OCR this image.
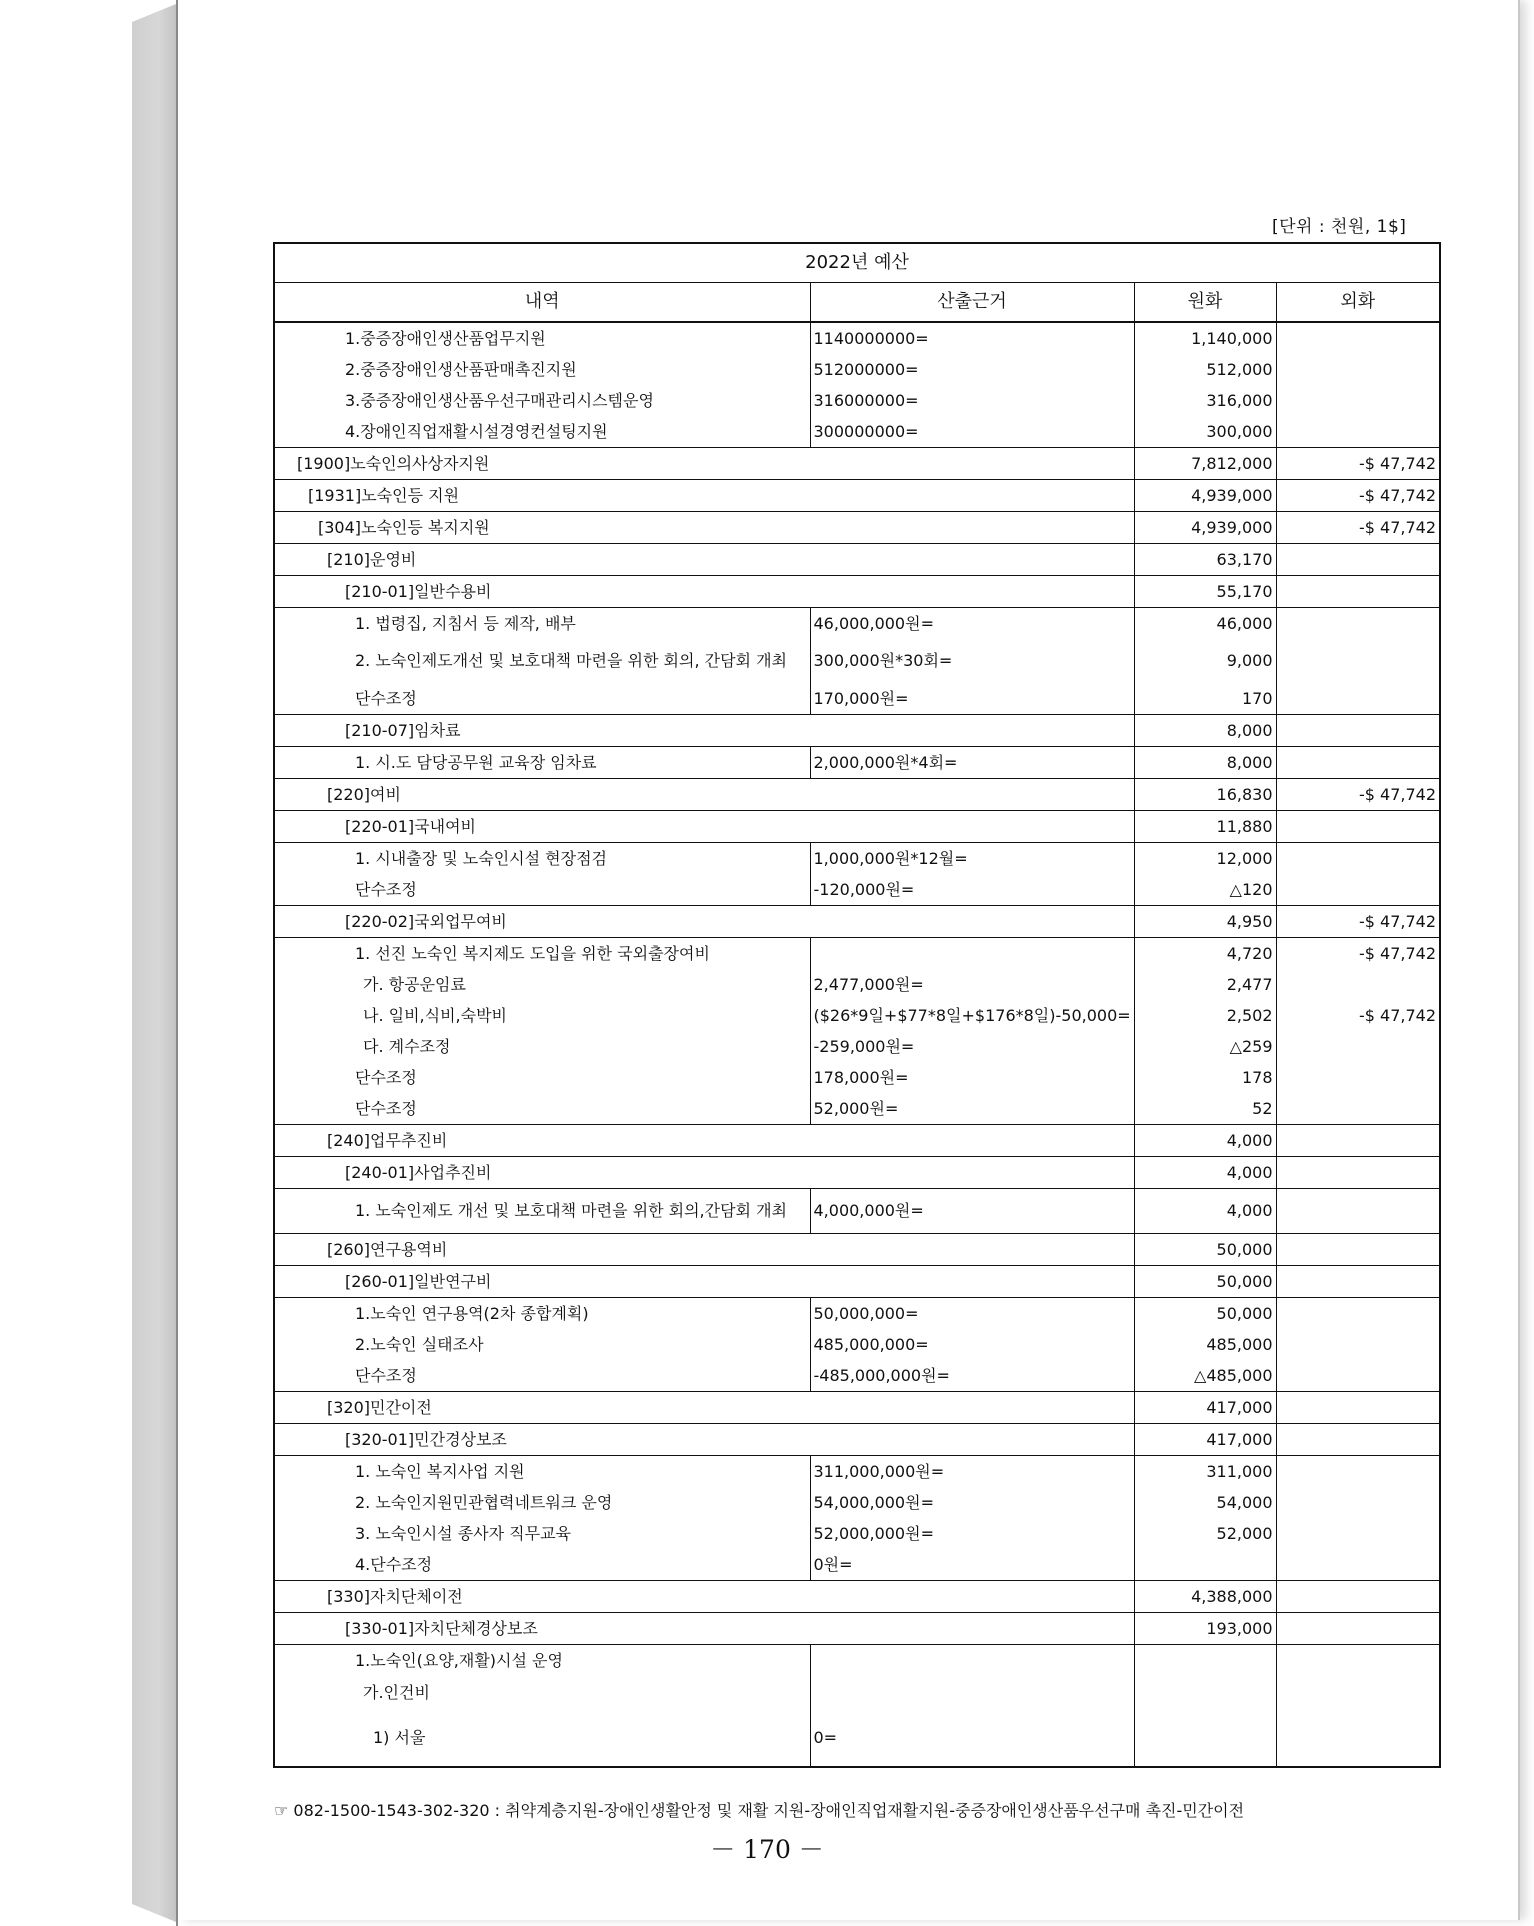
[단위 : 천원, 1$]
2022년 예산			
내역	산출근거	원화	외화
1.중증장애인생산품업무지원	1140000000=	1,140,000	
2.중증장애인생산품판매촉진지원	512000000=	512,000	
3.중증장애인생산품우선구매관리시스템운영	316000000=	316,000	
4.장애인직업재활시설경영컨설팅지원	300000000=	300,000	
[1900]노숙인의사상자지원		7,812,000	-$ 47,742
[1931]노숙인등 지원		4,939,000	-$ 47,742
[304]노숙인등 복지지원		4,939,000	-$ 47,742
[210]운영비		63,170	
[210-01]일반수용비		55,170	
1. 법령집, 지침서 등 제작, 배부	46,000,000원=	46,000	
2. 노숙인제도개선 및 보호대책 마련을 위한 회의, 간담회 개최	300,000원*30회=	9,000	
단수조정	170,000원=	170	
[210-07]임차료		8,000	
1. 시.도 담당공무원 교육장 임차료	2,000,000원*4회=	8,000	
[220]여비		16,830	-$ 47,742
[220-01]국내여비		11,880	
1. 시내출장 및 노숙인시설 현장점검	1,000,000원*12월=	12,000	
단수조정	-120,000원=	△120	
[220-02]국외업무여비		4,950	-$ 47,742
1. 선진 노숙인 복지제도 도입을 위한 국외출장여비		4,720	-$ 47,742
가. 항공운임료	2,477,000원=	2,477	
나. 일비,식비,숙박비	($26*9일+$77*8일+$176*8일)-50,000=	2,502	-$ 47,742
다. 계수조정	-259,000원=	△259	
단수조정	178,000원=	178	
단수조정	52,000원=	52	
[240]업무추진비		4,000	
[240-01]사업추진비		4,000	
1. 노숙인제도 개선 및 보호대책 마련을 위한 회의,간담회 개최	4,000,000원=	4,000	
[260]연구용역비		50,000	
[260-01]일반연구비		50,000	
1.노숙인 연구용역(2차 종합계획)	50,000,000=	50,000	
2.노숙인 실태조사	485,000,000=	485,000	
단수조정	-485,000,000원=	△485,000	
[320]민간이전		417,000	
[320-01]민간경상보조		417,000	
1. 노숙인 복지사업 지원	311,000,000원=	311,000	
2. 노숙인지원민관협력네트워크 운영	54,000,000원=	54,000	
3. 노숙인시설 종사자 직무교육	52,000,000원=	52,000	
4.단수조정	0원=		
[330]자치단체이전		4,388,000	
[330-01]자치단체경상보조		193,000	
1.노숙인(요양,재활)시설 운영			
가.인건비			
1) 서울	0=		
☞ 082-1500-1543-302-320 : 취약계층지원-장애인생활안정 및 재활 지원-장애인직업재활지원-중증장애인생산품우선구매 촉진-민간이전
－ 170 －
